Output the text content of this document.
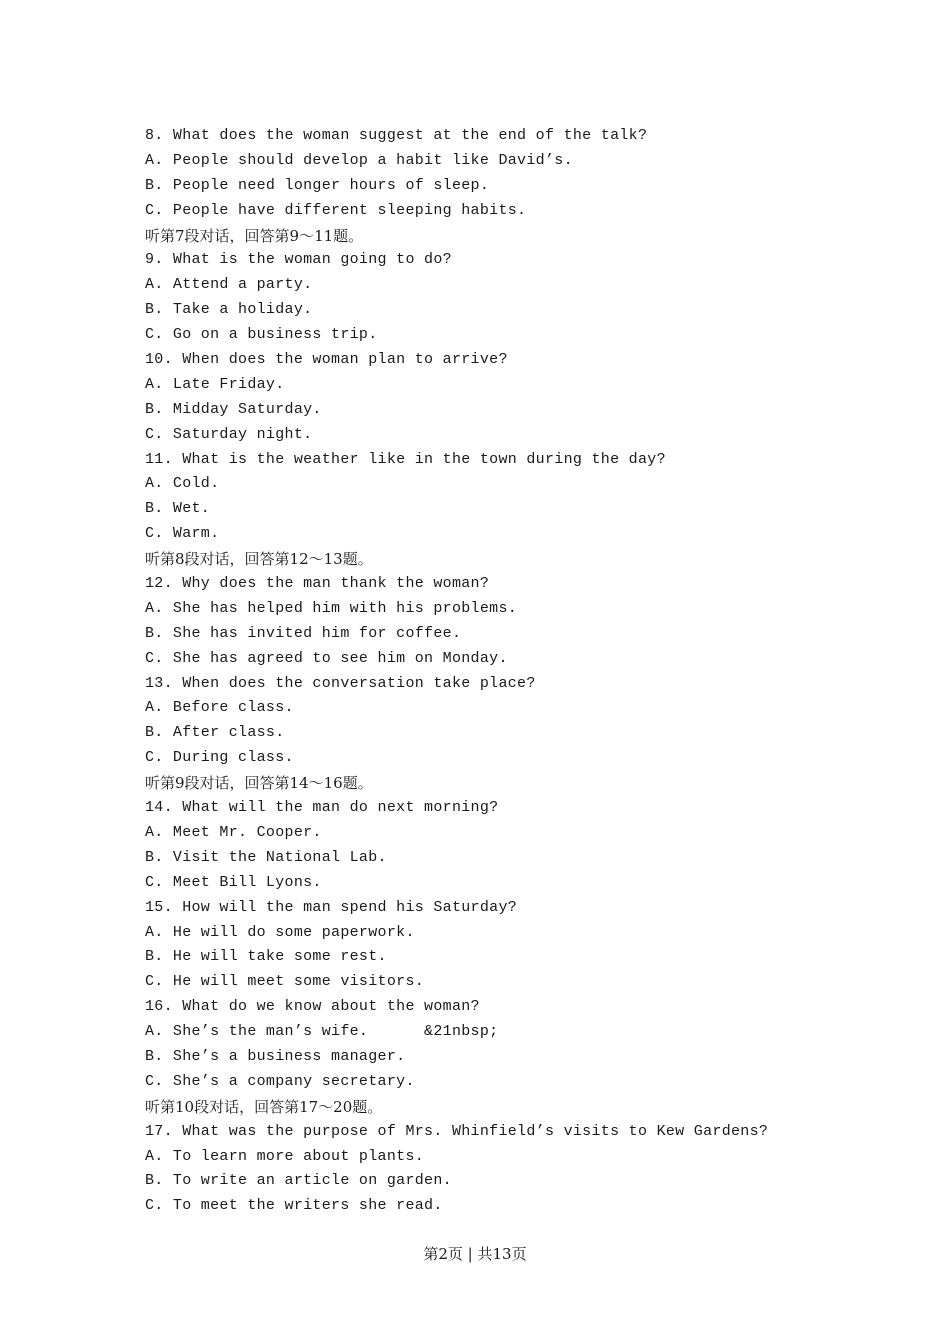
8. What does the woman suggest at the end of the talk?
A. People should develop a habit like David’s.
B. People need longer hours of sleep.
C. People have different sleeping habits.
听第7段对话，回答第9～11题。
9. What is the woman going to do?
A. Attend a party.
B. Take a holiday.
C. Go on a business trip.
10. When does the woman plan to arrive?
A. Late Friday.
B. Midday Saturday.
C. Saturday night.
11. What is the weather like in the town during the day?
A. Cold.
B. Wet.
C. Warm.
听第8段对话，回答第12～13题。
12. Why does the man thank the woman?
A. She has helped him with his problems.
B. She has invited him for coffee.
C. She has agreed to see him on Monday.
13. When does the conversation take place?
A. Before class.
B. After class.
C. During class.
听第9段对话，回答第14～16题。
14. What will the man do next morning?
A. Meet Mr. Cooper.
B. Visit the National Lab.
C. Meet Bill Lyons.
15. How will the man spend his Saturday?
A. He will do some paperwork.
B. He will take some rest.
C. He will meet some visitors.
16. What do we know about the woman?
A. She’s the man’s wife.      &21nbsp;
B. She’s a business manager.
C. She’s a company secretary.
听第10段对话，回答第17～20题。
17. What was the purpose of Mrs. Whinfield’s visits to Kew Gardens?
A. To learn more about plants.
B. To write an article on garden.
C. To meet the writers she read.
第2页 | 共13页
